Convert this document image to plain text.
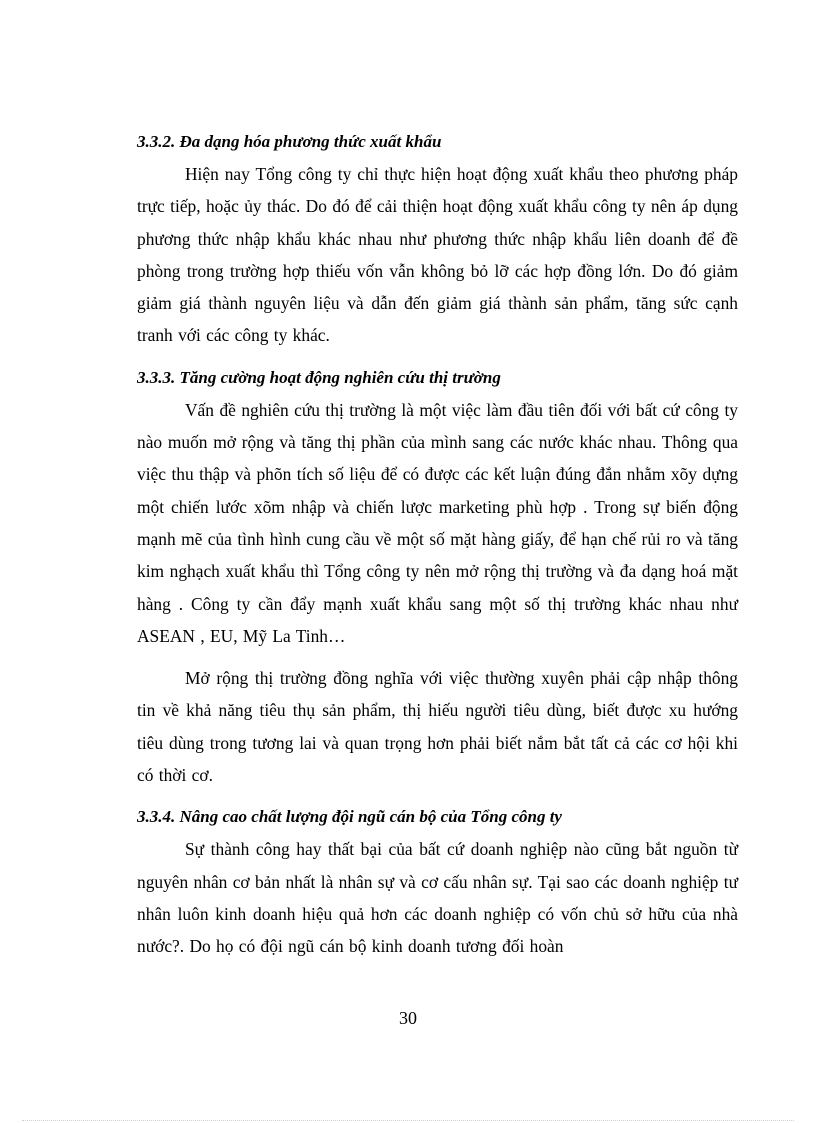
3.3.2. Đa dạng hóa phương thức xuất khẩu

Hiện nay Tổng công ty chỉ thực hiện hoạt động xuất khẩu theo phương pháp trực tiếp, hoặc ủy thác. Do đó để cải thiện hoạt động xuất khẩu công ty nên áp dụng phương thức nhập khẩu khác nhau như phương thức nhập khẩu liên doanh để đề phòng trong trường hợp thiếu vốn vẫn không bỏ lỡ các hợp đồng lớn. Do đó giảm giảm giá thành nguyên liệu và dẫn đến giảm giá thành sản phẩm, tăng sức cạnh tranh với các công ty khác.

3.3.3. Tăng cường hoạt động nghiên cứu thị trường

Vấn đề nghiên cứu thị trường là một việc làm đầu tiên đối với bất cứ công ty nào muốn mở rộng và tăng thị phần của mình sang các nước khác nhau. Thông qua việc thu thập và phõn tích số liệu để có được các kết luận đúng đắn nhằm xõy dựng một chiến lước xõm nhập và chiến lược marketing phù hợp . Trong sự biến động mạnh mẽ của tình hình cung cầu về một số mặt hàng giấy, để hạn chế rủi ro và tăng kim nghạch xuất khẩu thì Tổng công ty nên mở rộng thị trường và đa dạng hoá mặt hàng . Công ty cần đẩy mạnh xuất khẩu sang một số thị trường khác nhau như ASEAN , EU, Mỹ La Tinh…

Mở rộng thị trường đồng nghĩa với việc thường xuyên phải cập nhập thông tin về khả năng tiêu thụ sản phẩm, thị hiếu người tiêu dùng, biết được xu hướng tiêu dùng trong tương lai và quan trọng hơn phải biết nắm bắt tất cả các cơ hội khi có thời cơ.

3.3.4. Nâng cao chất lượng đội ngũ cán bộ của Tổng công ty

Sự thành công hay thất bại của bất cứ doanh nghiệp nào cũng bắt nguồn từ nguyên nhân cơ bản nhất là nhân sự và cơ cấu nhân sự. Tại sao các doanh nghiệp tư nhân luôn kinh doanh hiệu quả hơn các doanh nghiệp có vốn chủ sở hữu của nhà nước?. Do họ có đội ngũ cán bộ kinh doanh tương đối hoàn

30
